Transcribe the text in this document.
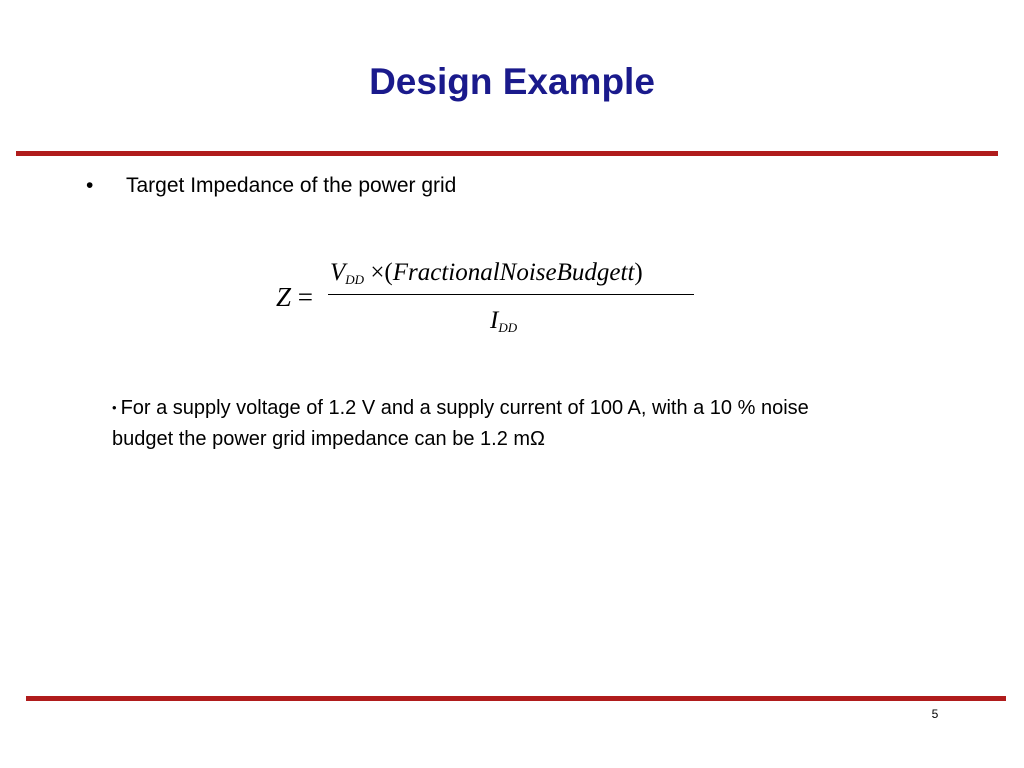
Design Example
• Target Impedance of the power grid
Z =
$V_{DD}$ ×(FractionalNoiseBudgett)
$I_{DD}$
• For a supply voltage of 1.2 V and a supply current of 100 A, with a 10 % noise budget the power grid impedance can be 1.2 mΩ
5
